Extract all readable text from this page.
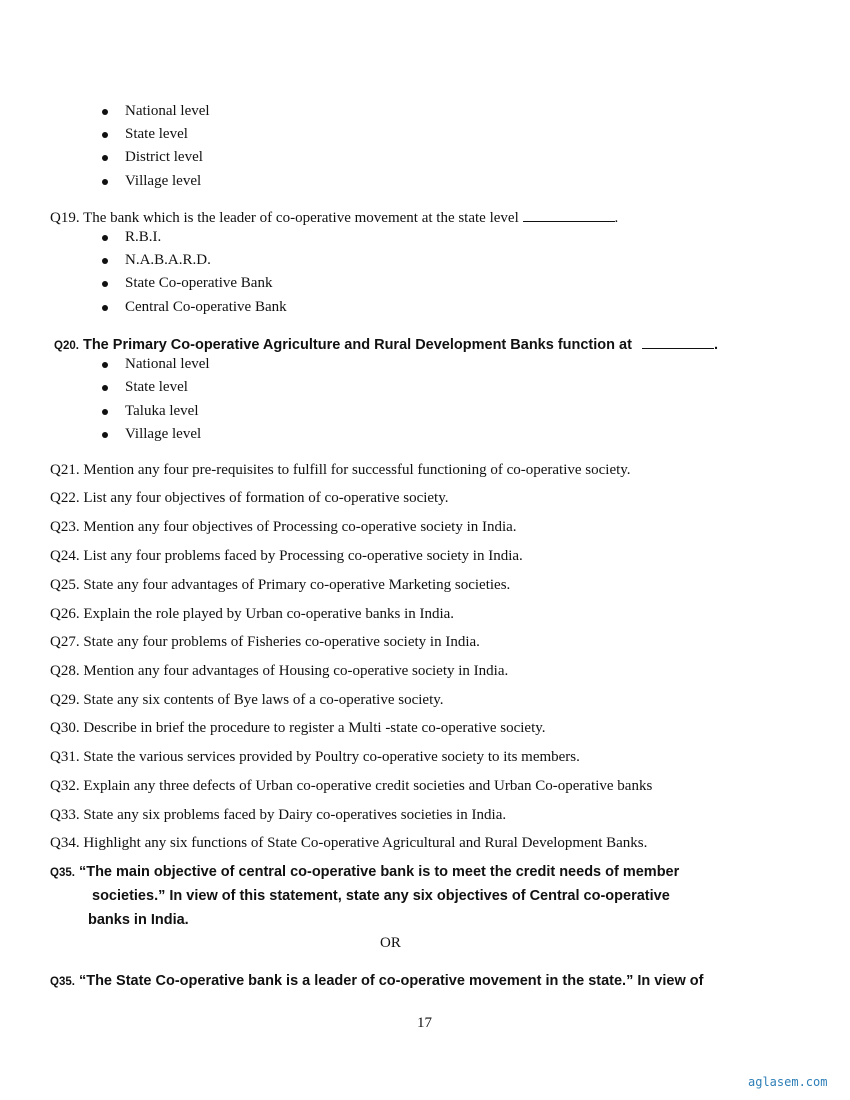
National level
State level
District level
Village level
Q19. The bank which is the leader of co-operative movement at the state level	.
R.B.I.
N.A.B.A.R.D.
State Co-operative Bank
Central Co-operative Bank
Q20. The Primary Co-operative Agriculture and Rural Development Banks function at	.
National level
State level
Taluka level
Village level
Q21. Mention any four pre-requisites to fulfill for successful functioning of co-operative society.
Q22. List any four objectives of formation of co-operative society.
Q23. Mention any four objectives of Processing co-operative society in India.
Q24. List any four problems faced by Processing co-operative society in India.
Q25. State any four advantages of Primary co-operative Marketing societies.
Q26. Explain the role played by Urban co-operative banks in India.
Q27. State any four problems of Fisheries co-operative society in India.
Q28. Mention any four advantages of Housing co-operative society in India.
Q29. State any six contents of Bye laws of a co-operative society.
Q30. Describe in brief the procedure to register a Multi -state co-operative society.
Q31. State the various services provided by Poultry co-operative society to its members.
Q32. Explain any three defects of Urban co-operative credit societies and Urban Co-operative banks
Q33. State any six problems faced by Dairy co-operatives societies in India.
Q34. Highlight any six functions of State Co-operative Agricultural and Rural Development Banks.
Q35. “The main objective of central co-operative bank is to meet the credit needs of member
societies.” In view of this statement, state any six objectives of Central co-operative
banks in India.
OR
Q35. “The State Co-operative bank is a leader of co-operative movement in the state.” In view of
17
aglasem.com
